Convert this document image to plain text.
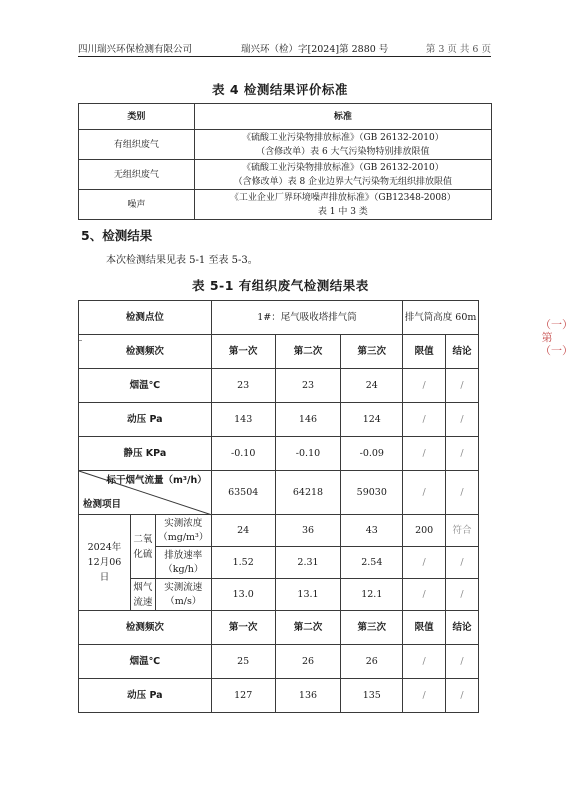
四川瑞兴环保检测有限公司	瑞兴环（检）字[2024]第 2880 号	第 3 页 共 6 页
表 4 检测结果评价标准
类别	标准
有组织废气	《硫酸工业污染物排放标准》（GB 26132-2010）
（含修改单）表 6 大气污染物特别排放限值

无组织废气	《硫酸工业污染物排放标准》（GB 26132-2010）
（含修改单）表 8 企业边界大气污染物无组织排放限值

噪声	《工业企业厂界环境噪声排放标准》（GB12348-2008）
表 1 中 3 类
5、检测结果
本次检测结果见表 5-1 至表 5-3。
表 5-1 有组织废气检测结果表
检测点位			1#：尾气吸收塔排气筒			排气筒高度 60m	
检测频次			第一次	第二次	第三次	限值	结论
烟温℃			23	23	24	/	/
动压 Pa			143	146	124	/	/
静压 KPa			-0.10	-0.10	-0.09	/	/

标干烟气流量（m³/h）
检测项目			63504	64218	59030	/	/
2024年12月06日	二氧化硫	实测浓度（mg/m³）	24	36	43	200	符合
		排放速率（kg/h）	1.52	2.31	2.54	/	/
	烟气流速	实测流速（m/s）	13.0	13.1	12.1	/	/
检测频次			第一次	第二次	第三次	限值	结论
烟温℃			25	26	26	/	/
动压 Pa			127	136	135	/	/
（一）第（一）
